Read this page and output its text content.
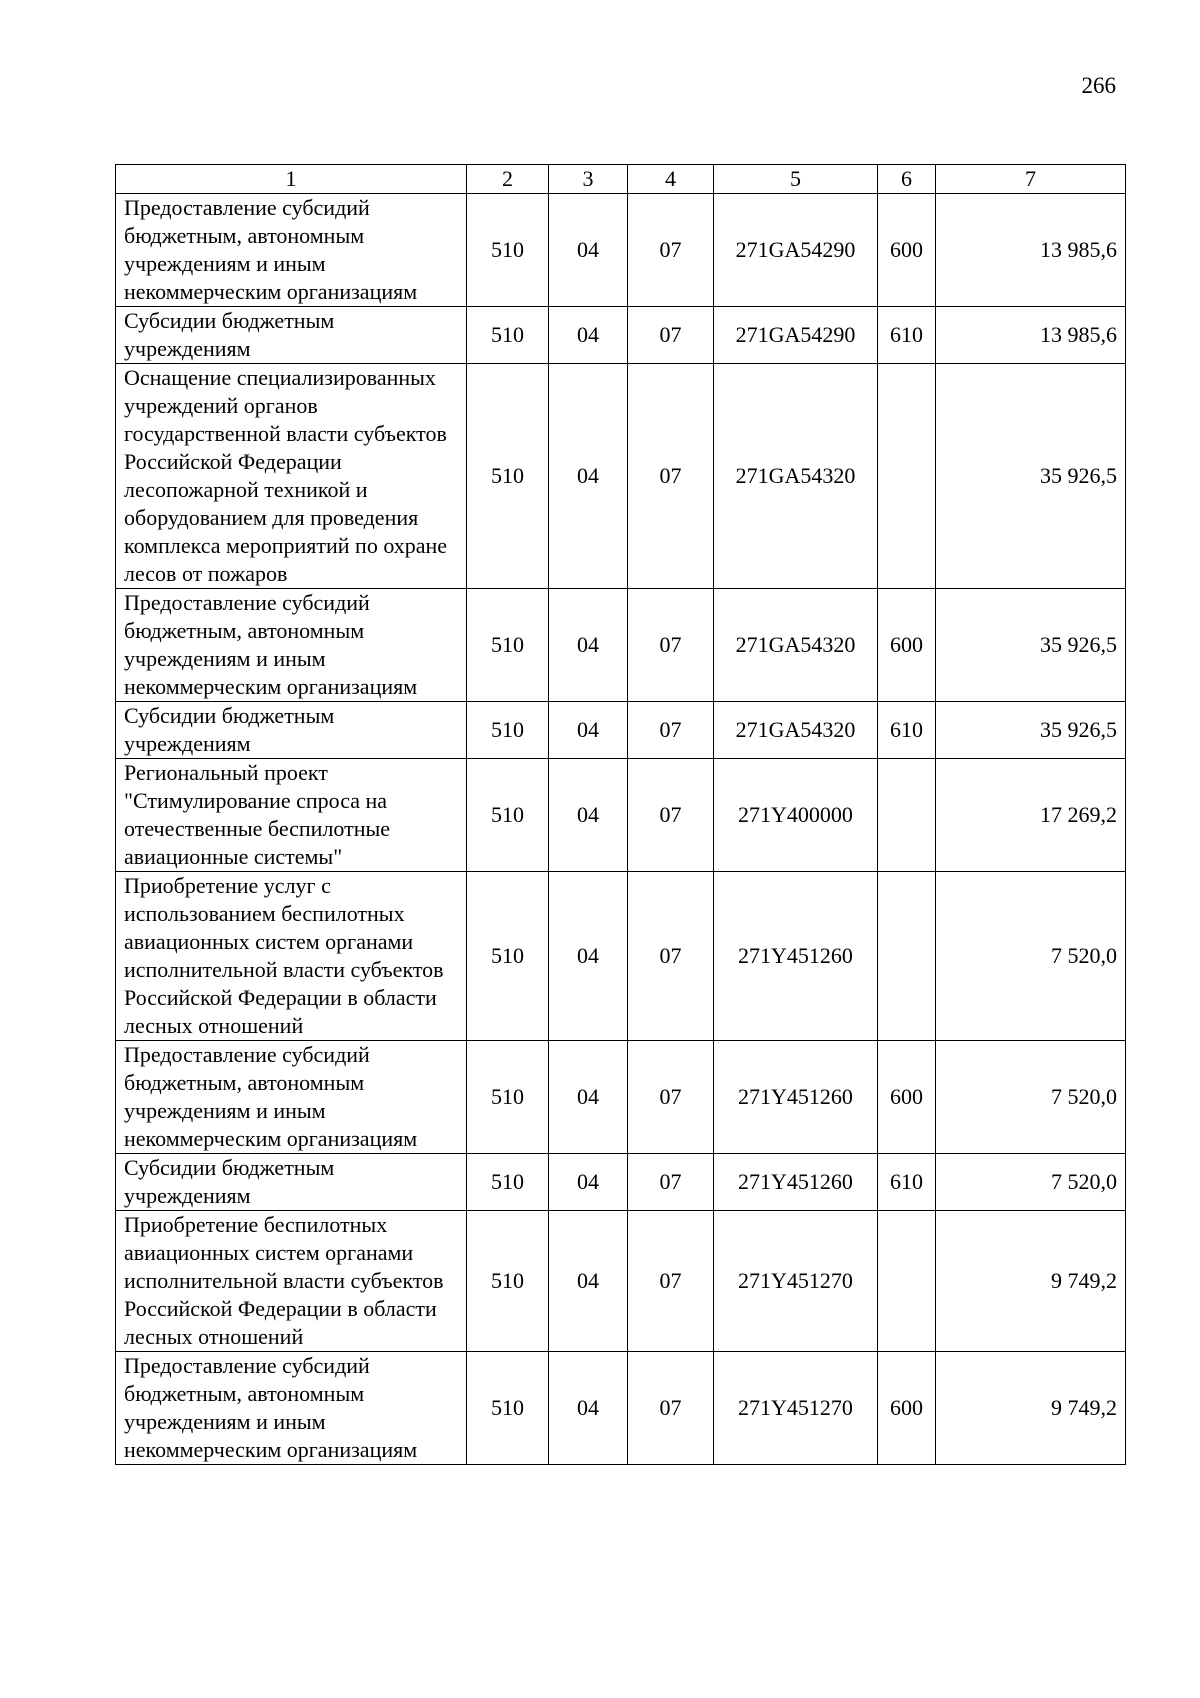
266
1	2	3	4	5	6	7
Предоставление субсидий бюджетным, автономным учреждениям и иным некоммерческим организациям	510	04	07	271GA54290	600	13 985,6
Субсидии бюджетным учреждениям	510	04	07	271GA54290	610	13 985,6
Оснащение специализированных учреждений органов государственной власти субъектов Российской Федерации лесопожарной техникой и оборудованием для проведения комплекса мероприятий по охране лесов от пожаров	510	04	07	271GA54320		35 926,5
Предоставление субсидий бюджетным, автономным учреждениям и иным некоммерческим организациям	510	04	07	271GA54320	600	35 926,5
Субсидии бюджетным учреждениям	510	04	07	271GA54320	610	35 926,5
Региональный проект "Стимулирование спроса на отечественные беспилотные авиационные системы"	510	04	07	271Y400000		17 269,2
Приобретение услуг с использованием беспилотных авиационных систем органами исполнительной власти субъектов Российской Федерации в области лесных отношений	510	04	07	271Y451260		7 520,0
Предоставление субсидий бюджетным, автономным учреждениям и иным некоммерческим организациям	510	04	07	271Y451260	600	7 520,0
Субсидии бюджетным учреждениям	510	04	07	271Y451260	610	7 520,0
Приобретение беспилотных авиационных систем органами исполнительной власти субъектов Российской Федерации в области лесных отношений	510	04	07	271Y451270		9 749,2
Предоставление субсидий бюджетным, автономным учреждениям и иным некоммерческим организациям	510	04	07	271Y451270	600	9 749,2
